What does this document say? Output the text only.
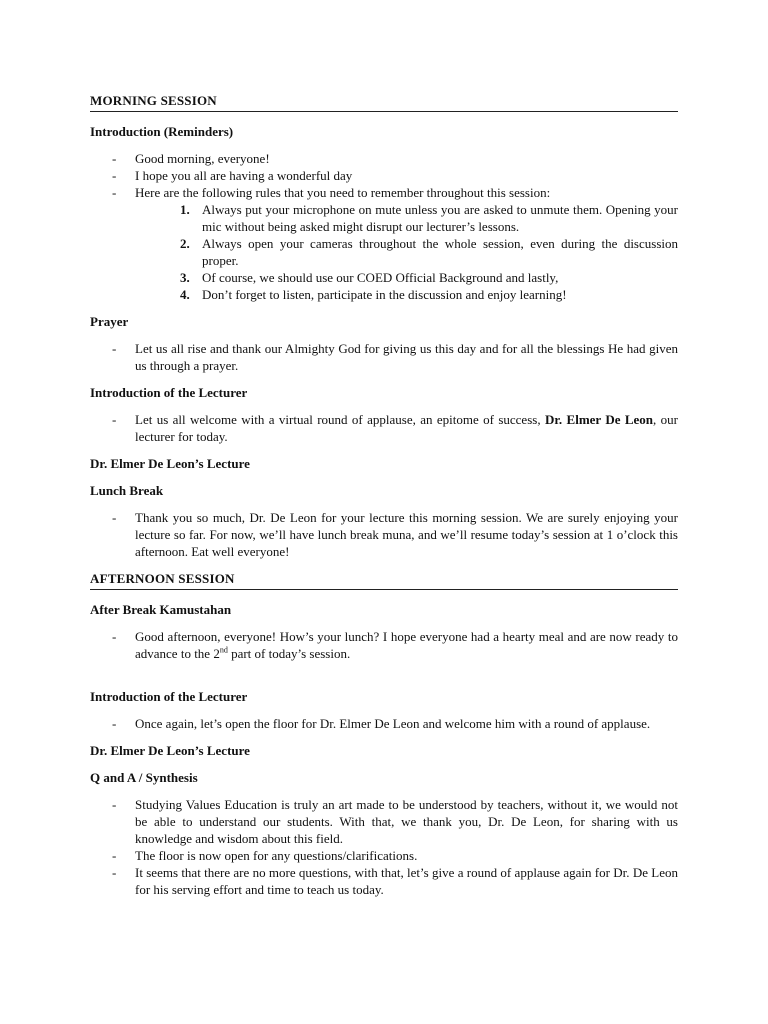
MORNING SESSION
Introduction (Reminders)
- Good morning, everyone!
- I hope you all are having a wonderful day
- Here are the following rules that you need to remember throughout this session:
1. Always put your microphone on mute unless you are asked to unmute them. Opening your mic without being asked might disrupt our lecturer’s lessons.
2. Always open your cameras throughout the whole session, even during the discussion proper.
3. Of course, we should use our COED Official Background and lastly,
4. Don’t forget to listen, participate in the discussion and enjoy learning!
Prayer
- Let us all rise and thank our Almighty God for giving us this day and for all the blessings He had given us through a prayer.
Introduction of the Lecturer
- Let us all welcome with a virtual round of applause, an epitome of success, Dr. Elmer De Leon, our lecturer for today.
Dr. Elmer De Leon’s Lecture
Lunch Break
- Thank you so much, Dr. De Leon for your lecture this morning session. We are surely enjoying your lecture so far. For now, we’ll have lunch break muna, and we’ll resume today’s session at 1 o’clock this afternoon. Eat well everyone!
AFTERNOON SESSION
After Break Kamustahan
- Good afternoon, everyone! How’s your lunch? I hope everyone had a hearty meal and are now ready to advance to the 2nd part of today’s session.
Introduction of the Lecturer
- Once again, let’s open the floor for Dr. Elmer De Leon and welcome him with a round of applause.
Dr. Elmer De Leon’s Lecture
Q and A / Synthesis
- Studying Values Education is truly an art made to be understood by teachers, without it, we would not be able to understand our students. With that, we thank you, Dr. De Leon, for sharing with us knowledge and wisdom about this field.
- The floor is now open for any questions/clarifications.
- It seems that there are no more questions, with that, let’s give a round of applause again for Dr. De Leon for his serving effort and time to teach us today.
